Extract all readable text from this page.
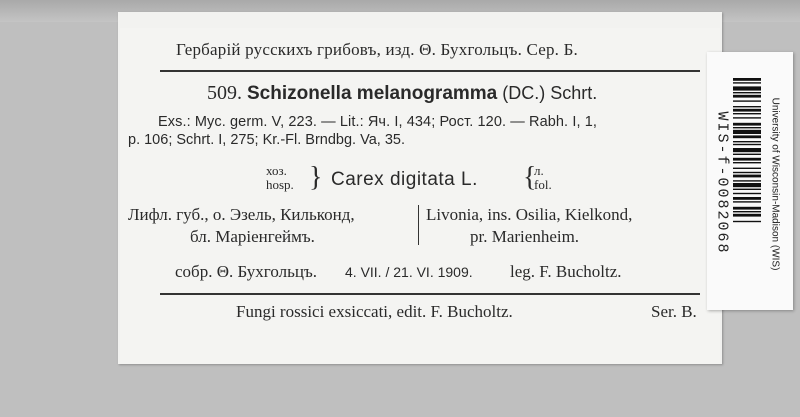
Гербарій русскихъ грибовъ, изд. Θ. Бухгольцъ. Сер. Б.
509. Schizonella melanogramma (DC.) Schrt.
Exs.: Myc. germ. V, 223. — Lit.: Яч. I, 434; Рост. 120. — Rabh. I, 1,
p. 106; Schrt. I, 275; Kr.-Fl. Brndbg. Va, 35.
хоз.
hosp. } Carex digitata L. {
л.
fol.
Лифл. губ., о. Эзель, Кильконд,
бл. Маріенгеймъ.
Livonia, ins. Osilia, Kielkond,
pr. Marienheim.
собр. Θ. Бухгольцъ. 4. VII. / 21. VI. 1909. leg. F. Bucholtz.
Fungi rossici exsiccati, edit. F. Bucholtz.	Ser. B.
WIS-f-0082068	University of Wisconsin-Madison (WIS)
